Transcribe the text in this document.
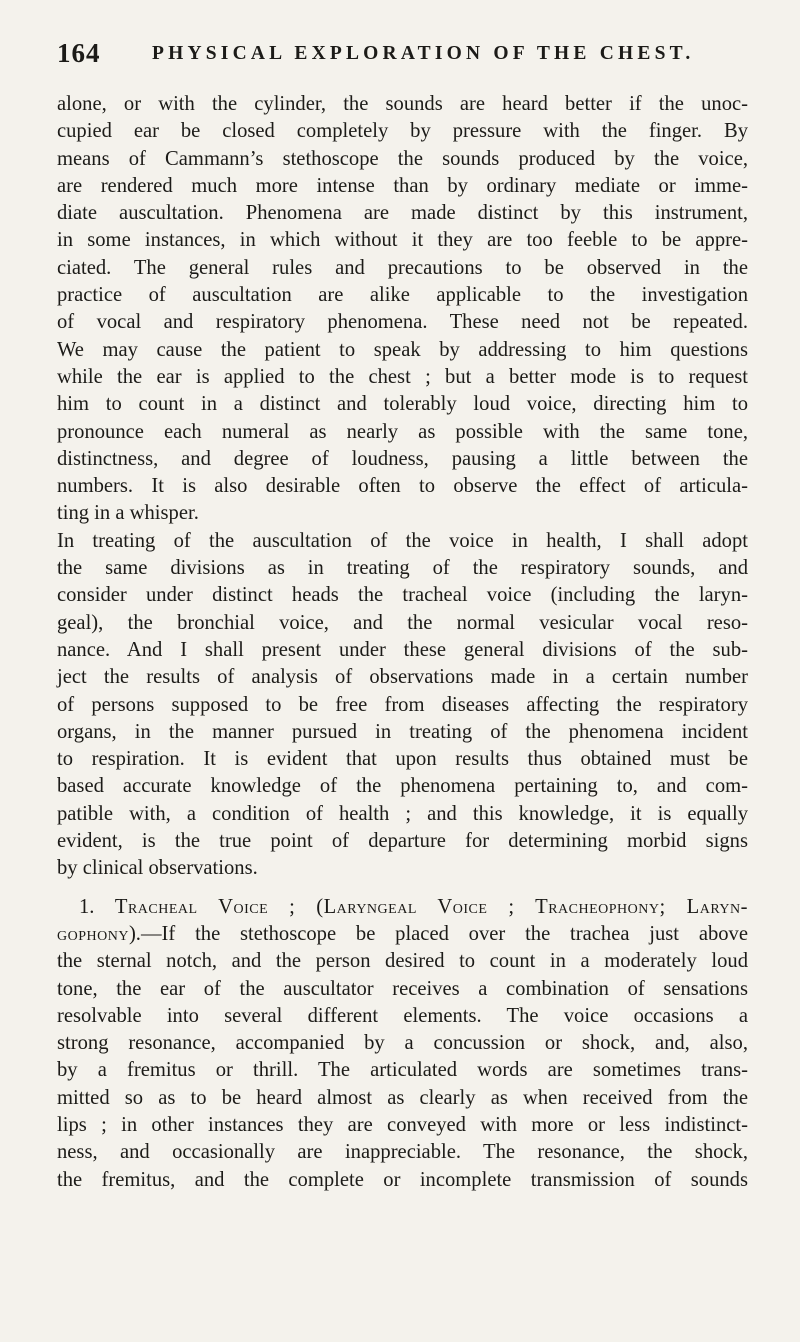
164	PHYSICAL EXPLORATION OF THE CHEST.
alone, or with the cylinder, the sounds are heard better if the unoc-
cupied ear be closed completely by pressure with the finger. By
means of Cammann’s stethoscope the sounds produced by the voice,
are rendered much more intense than by ordinary mediate or imme-
diate auscultation. Phenomena are made distinct by this instrument,
in some instances, in which without it they are too feeble to be appre-
ciated. The general rules and precautions to be observed in the
practice of auscultation are alike applicable to the investigation
of vocal and respiratory phenomena. These need not be repeated.
We may cause the patient to speak by addressing to him questions
while the ear is applied to the chest ; but a better mode is to request
him to count in a distinct and tolerably loud voice, directing him to
pronounce each numeral as nearly as possible with the same tone,
distinctness, and degree of loudness, pausing a little between the
numbers. It is also desirable often to observe the effect of articula-
ting in a whisper.
In treating of the auscultation of the voice in health, I shall adopt
the same divisions as in treating of the respiratory sounds, and
consider under distinct heads the tracheal voice (including the laryn-
geal), the bronchial voice, and the normal vesicular vocal reso-
nance. And I shall present under these general divisions of the sub-
ject the results of analysis of observations made in a certain number
of persons supposed to be free from diseases affecting the respiratory
organs, in the manner pursued in treating of the phenomena incident
to respiration. It is evident that upon results thus obtained must be
based accurate knowledge of the phenomena pertaining to, and com-
patible with, a condition of health ; and this knowledge, it is equally
evident, is the true point of departure for determining morbid signs
by clinical observations.
1. Tracheal Voice ; (Laryngeal Voice ; Tracheophony; Laryn-
gophony).—If the stethoscope be placed over the trachea just above
the sternal notch, and the person desired to count in a moderately loud
tone, the ear of the auscultator receives a combination of sensations
resolvable into several different elements. The voice occasions a
strong resonance, accompanied by a concussion or shock, and, also,
by a fremitus or thrill. The articulated words are sometimes trans-
mitted so as to be heard almost as clearly as when received from the
lips ; in other instances they are conveyed with more or less indistinct-
ness, and occasionally are inappreciable. The resonance, the shock,
the fremitus, and the complete or incomplete transmission of sounds
